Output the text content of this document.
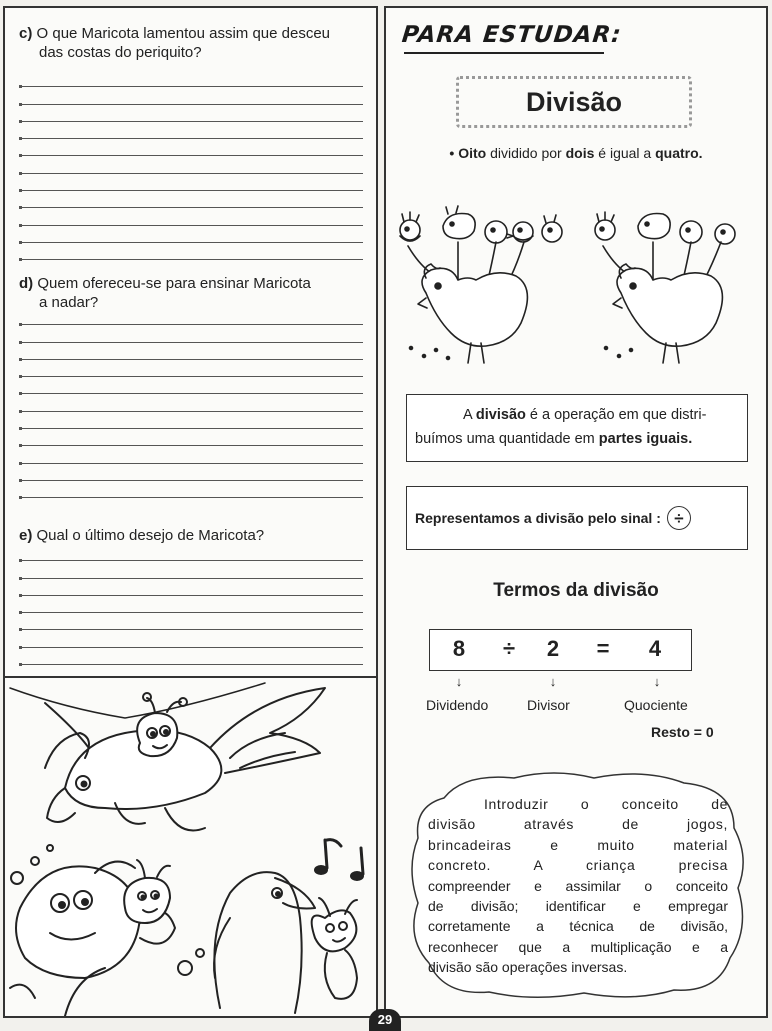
c) O que Maricota lamentou assim que desceu
das costas do periquito?
d) Quem ofereceu-se para ensinar Maricota
a nadar?
e) Qual o último desejo de Maricota?
PARA ESTUDAR:
Divisão
• Oito dividido por dois é igual a quatro.
A divisão é a operação em que distri- buímos uma quantidade em partes iguais.
Representamos a divisão pelo sinal : ÷
Termos da divisão
8	÷	2	=	4
↓	↓	↓
Dividendo	Divisor	Quociente
Resto = 0
Introduzir o conceito de
divisão através de jogos,
brincadeiras e muito material
concreto. A criança precisa
compreender e assimilar o conceito
de divisão; identificar e empregar
corretamente a técnica de divisão,
reconhecer que a multiplicação e a
divisão são operações inversas.
29
